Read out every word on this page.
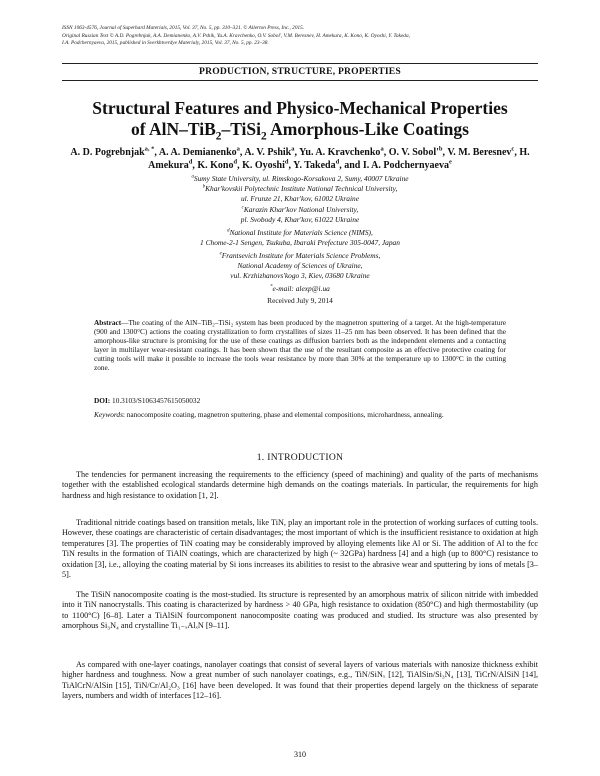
ISSN 1063-4576, Journal of Superhard Materials, 2015, Vol. 37, No. 5, pp. 310–321. © Allerton Press, Inc., 2015.
Original Russian Text © A.D. Pogrebnjak, A.A. Demianenko, A.V. Pshik, Yu.A. Kravchenko, O.V. Sobol', V.M. Beresnev, H. Amekura, K. Kono, K. Oyoshi, Y. Takeda,
I.A. Podchernyaeva, 2015, published in Sverkhtverdye Materialy, 2015, Vol. 37, No. 5, pp. 23–38.
PRODUCTION, STRUCTURE, PROPERTIES
Structural Features and Physico-Mechanical Properties
of AlN–TiB$_2$–TiSi$_2$ Amorphous-Like Coatings
A. D. Pogrebnjak$^{a, *}$, A. A. Demianenko$^a$, A. V. Pshik$^a$, Yu. A. Kravchenko$^a$, O. V. $Sobol'^b$, V. M. Beresnev$^c$, H. Amekura$^d$, K. Kono$^d$, K. Oyoshi$^d$, Y. Takeda$^d$, and I. A. Podchernyaeva$^e$
$^a$Sumy State University, ul. Rimskogo-Korsakova 2, Sumy, 40007 Ukraine
$^b$Khar'kovskii Polytechnic Institute National Technical University,
ul. Frunze 21, Khar'kov, 61002 Ukraine
$^c$Karazin Khar'kov National University,
pl. Svobody 4, Khar'kov, 61022 Ukraine
$^d$National Institute for Materials Science (NIMS),
1 Chome-2-1 Sengen, Tsukuba, Ibaraki Prefecture 305-0047, Japan
$^e$Frantsevich Institute for Materials Science Problems,
National Academy of Sciences of Ukraine,
vul. Krzhizhanovs'kogo 3, Kiev, 03680 Ukraine
*e-mail: alexp@i.ua
Received July 9, 2014
Abstract—The coating of the AlN–TiB₂–TiSi₂ system has been produced by the magnetron sputtering of a target. At the high-temperature (900 and 1300°C) actions the coating crystallization to form crystallites of sizes 11–25 nm has been observed. It has been defined that the amorphous-like structure is promising for the use of these coatings as diffusion barriers both as the independent elements and a contacting layer in multilayer wear-resistant coatings. It has been shown that the use of the resultant composite as an effective protective coating for cutting tools will make it possible to increase the tools wear resistance by more than 30% at the temperature up to 1300°C in the cutting zone.
DOI: 10.3103/S1063457615050032
Keywords: nanocomposite coating, magnetron sputtering, phase and elemental compositions, microhardness, annealing.
1. INTRODUCTION
The tendencies for permanent increasing the requirements to the efficiency (speed of machining) and quality of the parts of mechanisms together with the established ecological standards determine high demands on the coatings materials. In particular, the requirements for high hardness and high resistance to oxidation [1, 2].
Traditional nitride coatings based on transition metals, like TiN, play an important role in the protection of working surfaces of cutting tools. However, these coatings are characteristic of certain disadvantages; the most important of which is the insufficient resistance to oxidation at high temperatures [3]. The properties of TiN coating may be considerably improved by alloying elements like Al or Si. The addition of Al to the fcc TiN results in the formation of TiAlN coatings, which are characterized by high (~ 32GPa) hardness [4] and a high (up to 800°C) resistance to oxidation [3], i.e., alloying the coating material by Si ions increases its abilities to resist to the abrasive wear and sputtering by ions of metals [3–5].
The TiSiN nanocomposite coating is the most-studied. Its structure is represented by an amorphous matrix of silicon nitride with imbedded into it TiN nanocrystalls. This coating is characterized by hardness > 40 GPa, high resistance to oxidation (850°C) and high thermostability (up to 1100°C) [6–8]. Later a TiAlSiN fourcomponent nanocomposite coating was produced and studied. Its structure was also presented by amorphous Si₃N₄ and crystalline Ti₁₋ₓAlₓN [9–11].
As compared with one-layer coatings, nanolayer coatings that consist of several layers of various materials with nanosize thickness exhibit higher hardness and toughness. Now a great number of such nanolayer coatings, e.g., TiN/SiNₓ [12], TiAlSin/Si₃N₄ [13], TiCrN/AlSiN [14], TiAlCrN/AlSin [15], TiN/Cr/Al₂O₃ [16] have been developed. It was found that their properties depend largely on the thickness of separate layers, numbers and width of interfaces [12–16].
310
